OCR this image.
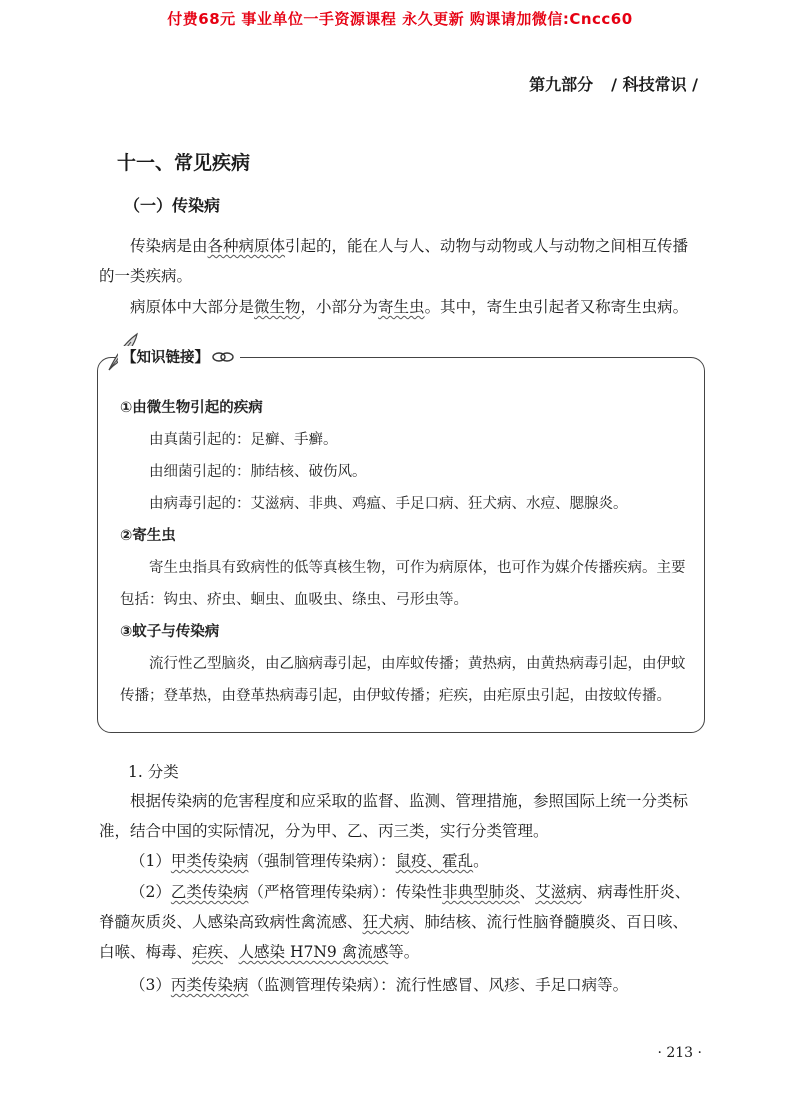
付费68元 事业单位一手资源课程 永久更新 购课请加微信:Cncc60
第九部分 / 科技常识 /
十一、常见疾病
（一）传染病
传染病是由各种病原体引起的，能在人与人、动物与动物或人与动物之间相互传播的一类疾病。
病原体中大部分是微生物，小部分为寄生虫。其中，寄生虫引起者又称寄生虫病。
【知识链接】
①由微生物引起的疾病
由真菌引起的：足癣、手癣。
由细菌引起的：肺结核、破伤风。
由病毒引起的：艾滋病、非典、鸡瘟、手足口病、狂犬病、水痘、腮腺炎。
②寄生虫
寄生虫指具有致病性的低等真核生物，可作为病原体，也可作为媒介传播疾病。主要包括：钩虫、疥虫、蛔虫、血吸虫、绦虫、弓形虫等。
③蚊子与传染病
流行性乙型脑炎，由乙脑病毒引起，由库蚊传播；黄热病，由黄热病毒引起，由伊蚊传播；登革热，由登革热病毒引起，由伊蚊传播；疟疾，由疟原虫引起，由按蚊传播。
1. 分类
根据传染病的危害程度和应采取的监督、监测、管理措施，参照国际上统一分类标准，结合中国的实际情况，分为甲、乙、丙三类，实行分类管理。
（1）甲类传染病（强制管理传染病）：鼠疫、霍乱。
（2）乙类传染病（严格管理传染病）：传染性非典型肺炎、艾滋病、病毒性肝炎、脊髓灰质炎、人感染高致病性禽流感、狂犬病、肺结核、流行性脑脊髓膜炎、百日咳、白喉、梅毒、疟疾、人感染 H7N9 禽流感等。
（3）丙类传染病（监测管理传染病）：流行性感冒、风疹、手足口病等。
· 213 ·
